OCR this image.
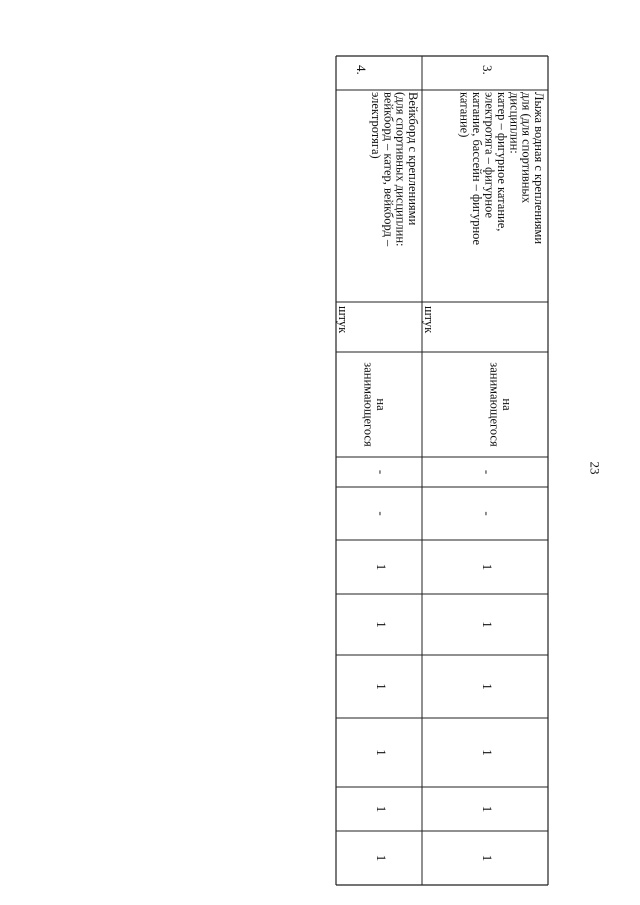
23
3.
Лыжа водная с креплениями
для (для спортивных
дисциплин:
катер – фигурное катание,
электротяга – фигурное
катание, бассейн – фигурное
катание)
штук
на
занимающегося
-
-
1
1
1
1
1
1
4.
Вейкборд с креплениями
(для спортивных дисциплин:
вейкборд – катер, вейкборд –
электротяга)
штук
на
занимающегося
-
-
1
1
1
1
1
1
